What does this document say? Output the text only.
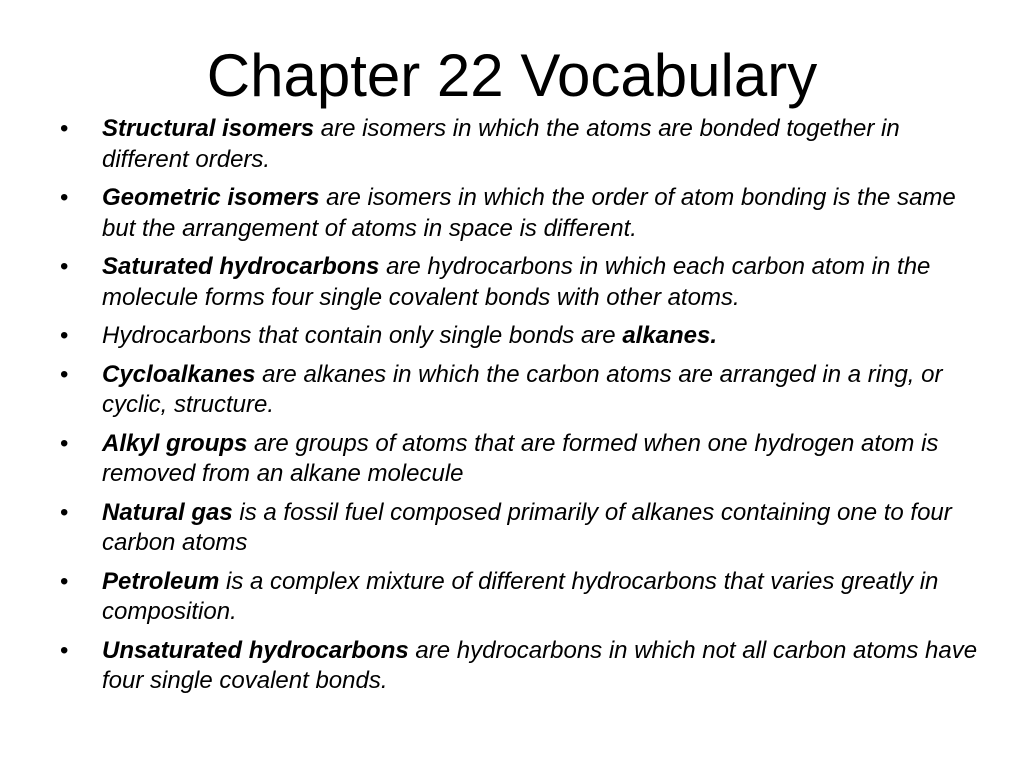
Chapter 22 Vocabulary
• Structural isomers are isomers in which the atoms are bonded together in different orders.
• Geometric isomers are isomers in which the order of atom bonding is the same but the arrangement of atoms in space is different.
• Saturated hydrocarbons are hydrocarbons in which each carbon atom in the molecule forms four single covalent bonds with other atoms.
• Hydrocarbons that contain only single bonds are alkanes.
• Cycloalkanes are alkanes in which the carbon atoms are arranged in a ring, or cyclic, structure.
• Alkyl groups are groups of atoms that are formed when one hydrogen atom is removed from an alkane molecule
• Natural gas is a fossil fuel composed primarily of alkanes containing one to four carbon atoms
• Petroleum is a complex mixture of different hydrocarbons that varies greatly in composition.
• Unsaturated hydrocarbons are hydrocarbons in which not all carbon atoms have four single covalent bonds.
